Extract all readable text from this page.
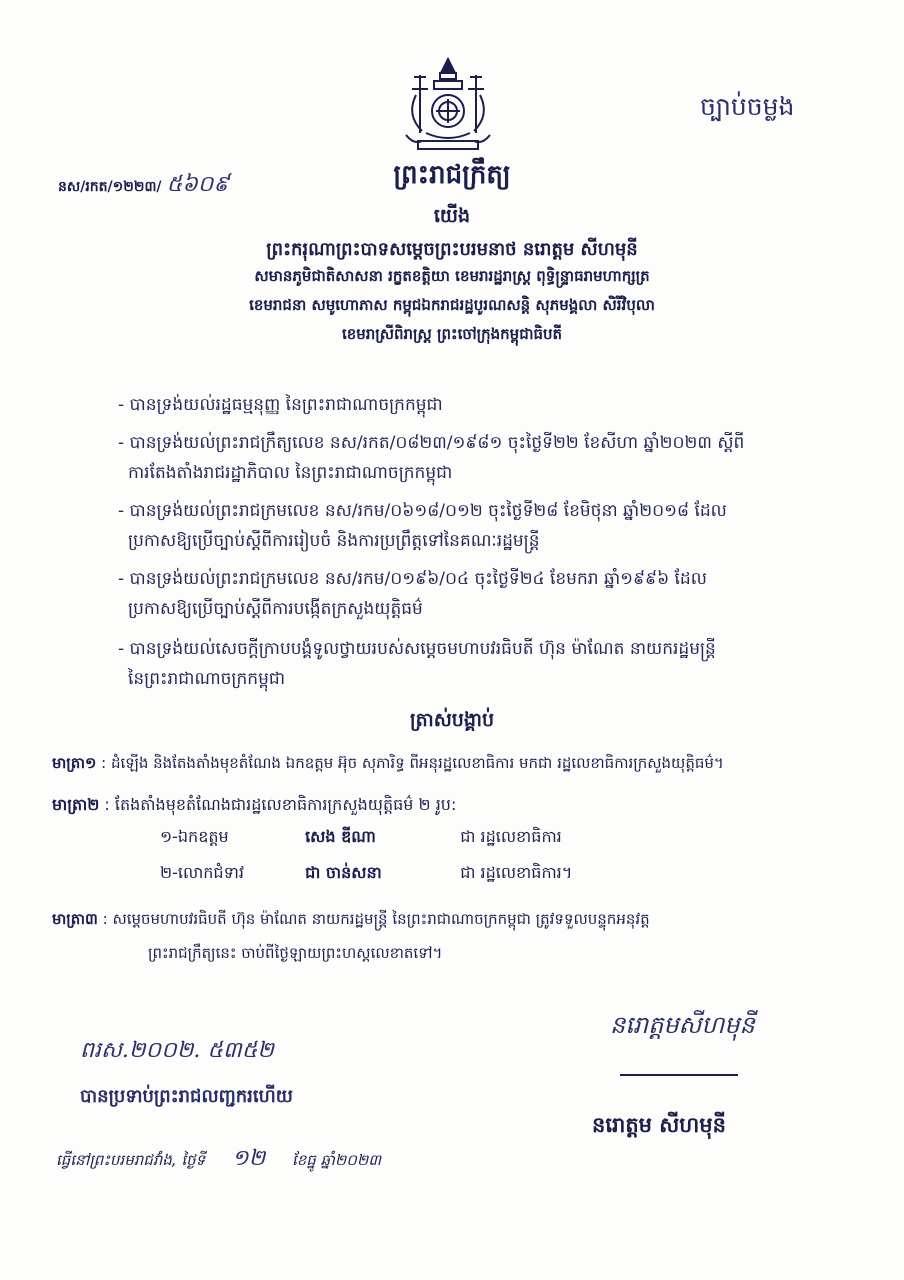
ច្បាប់ចម្លង
ព្រះរាជក្រឹត្យ
នស/រកត/១២២៣/ ៥៦០៩
យើង
ព្រះករុណាព្រះបាទសម្តេចព្រះបរមនាថ នរោត្តម សីហមុនី
សមានភូមិជាតិសាសនា រក្ខតខត្តិយា ខេមរារដ្ឋរាស្ត្រ ពុទ្ធិន្ទ្រាធរាមហាក្សត្រ
ខេមរាជនា សមូហោភាស កម្ពុជឯករាជរដ្ឋបូរណសន្តិ សុភមង្គលា សិរីវិបុលា
ខេមរាស្រីពិរាស្ត្រ ព្រះចៅក្រុងកម្ពុជាធិបតី
- បានទ្រង់យល់រដ្ឋធម្មនុញ្ញ នៃព្រះរាជាណាចក្រកម្ពុជា
- បានទ្រង់យល់ព្រះរាជក្រឹត្យលេខ នស/រកត/០៨២៣/១៩៨១ ចុះថ្ងៃទី២២ ខែសីហា ឆ្នាំ២០២៣ ស្តីពី
ការតែងតាំងរាជរដ្ឋាភិបាល នៃព្រះរាជាណាចក្រកម្ពុជា
- បានទ្រង់យល់ព្រះរាជក្រមលេខ នស/រកម/០៦១៨/០១២ ចុះថ្ងៃទី២៨ ខែមិថុនា ឆ្នាំ២០១៨ ដែល
ប្រកាសឱ្យប្រើច្បាប់ស្តីពីការរៀបចំ និងការប្រព្រឹត្តទៅនៃគណៈរដ្ឋមន្ត្រី
- បានទ្រង់យល់ព្រះរាជក្រមលេខ នស/រកម/០១៩៦/០៤ ចុះថ្ងៃទី២៤ ខែមករា ឆ្នាំ១៩៩៦ ដែល
ប្រកាសឱ្យប្រើច្បាប់ស្តីពីការបង្កើតក្រសួងយុត្តិធម៌
- បានទ្រង់យល់សេចក្តីក្រាបបង្គំទូលថ្វាយរបស់សម្តេចមហាបវរធិបតី ហ៊ុន ម៉ាណែត នាយករដ្ឋមន្ត្រី
នៃព្រះរាជាណាចក្រកម្ពុជា
ត្រាស់បង្គាប់
មាត្រា១ : ដំឡើង និងតែងតាំងមុខតំណែង ឯកឧត្តម អ៊ុច សុភារិទ្ធ ពីអនុរដ្ឋលេខាធិការ មកជា រដ្ឋលេខាធិការក្រសួងយុត្តិធម៌។
មាត្រា២ : តែងតាំងមុខតំណែងជារដ្ឋលេខាធិការក្រសួងយុត្តិធម៌ ២ រូប:
១-ឯកឧត្តម	សេង ឌីណា	ជា រដ្ឋលេខាធិការ
២-លោកជំទាវ	ជា ចាន់សនា	ជា រដ្ឋលេខាធិការ។
មាត្រា៣ : សម្តេចមហាបវរធិបតី ហ៊ុន ម៉ាណែត នាយករដ្ឋមន្ត្រី នៃព្រះរាជាណាចក្រកម្ពុជា ត្រូវទទួលបន្ទុកអនុវត្ត
ព្រះរាជក្រឹត្យនេះ ចាប់ពីថ្ងៃឡាយព្រះហស្តលេខាតទៅ។
ពរស.២០០២. ៥៣៥២
បានប្រទាប់ព្រះរាជលញ្ជករហើយ
ធ្វើនៅព្រះបរមរាជវាំង, ថ្ងៃទី ១២ ខែធ្នូ ឆ្នាំ២០២៣
នរោត្តមសីហមុនី
នរោត្តម សីហមុនី
